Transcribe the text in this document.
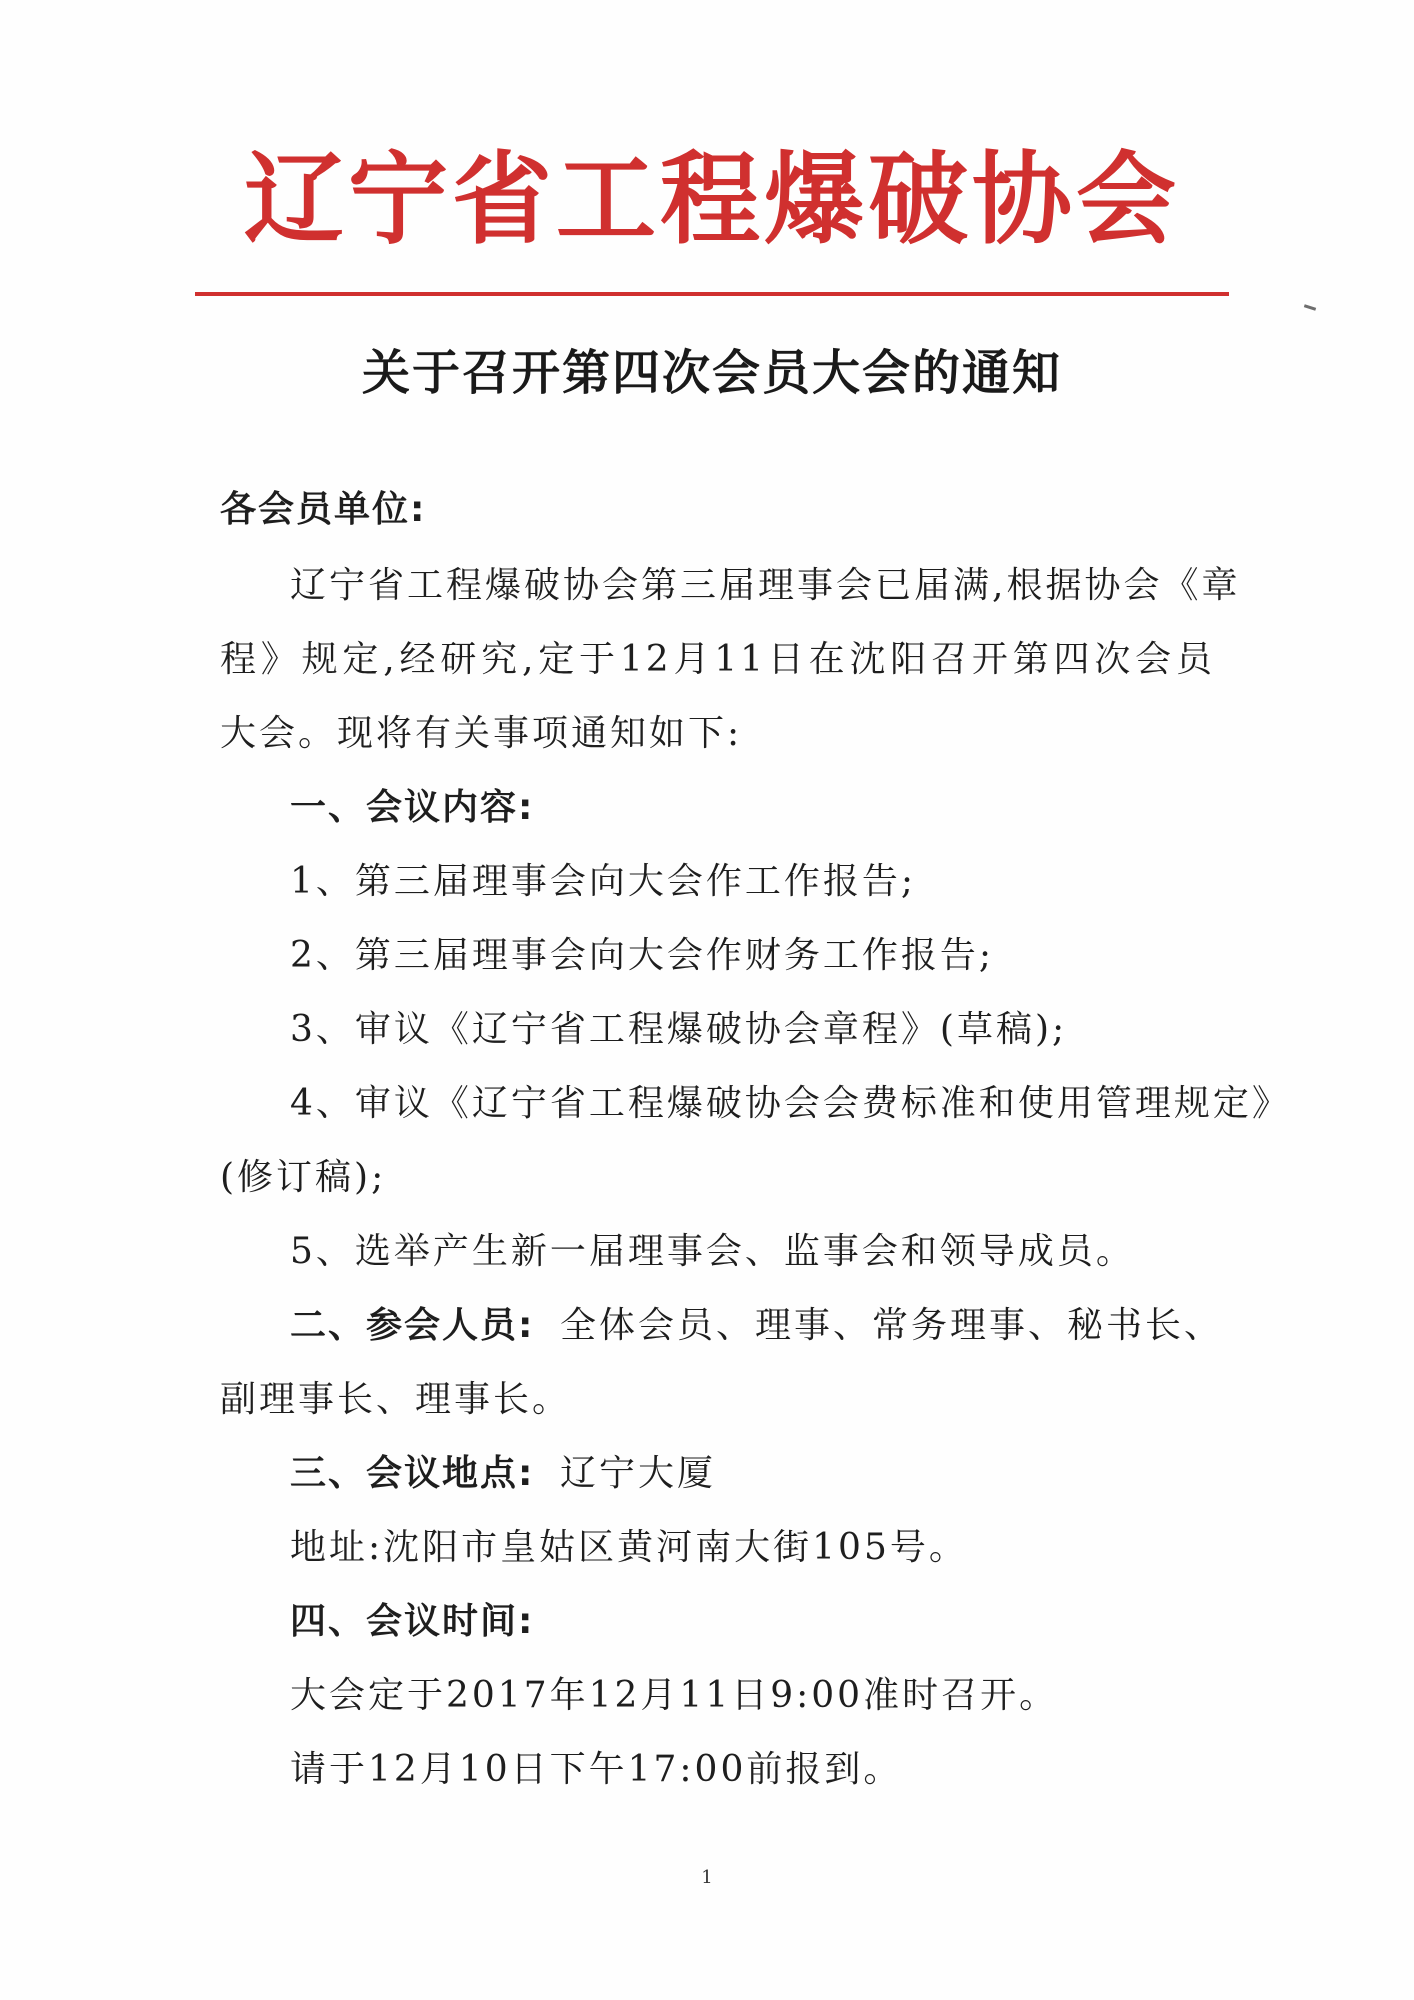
辽宁省工程爆破协会
关于召开第四次会员大会的通知
各会员单位:
辽宁省工程爆破协会第三届理事会已届满,根据协会《章
程》规定,经研究,定于12月11日在沈阳召开第四次会员
大会。现将有关事项通知如下:
一、会议内容:
1、第三届理事会向大会作工作报告;
2、第三届理事会向大会作财务工作报告;
3、审议《辽宁省工程爆破协会章程》(草稿);
4、审议《辽宁省工程爆破协会会费标准和使用管理规定》
(修订稿);
5、选举产生新一届理事会、监事会和领导成员。
二、参会人员: 全体会员、理事、常务理事、秘书长、
副理事长、理事长。
三、会议地点: 辽宁大厦
地址:沈阳市皇姑区黄河南大街105号。
四、会议时间:
大会定于2017年12月11日9:00准时召开。
请于12月10日下午17:00前报到。
1
